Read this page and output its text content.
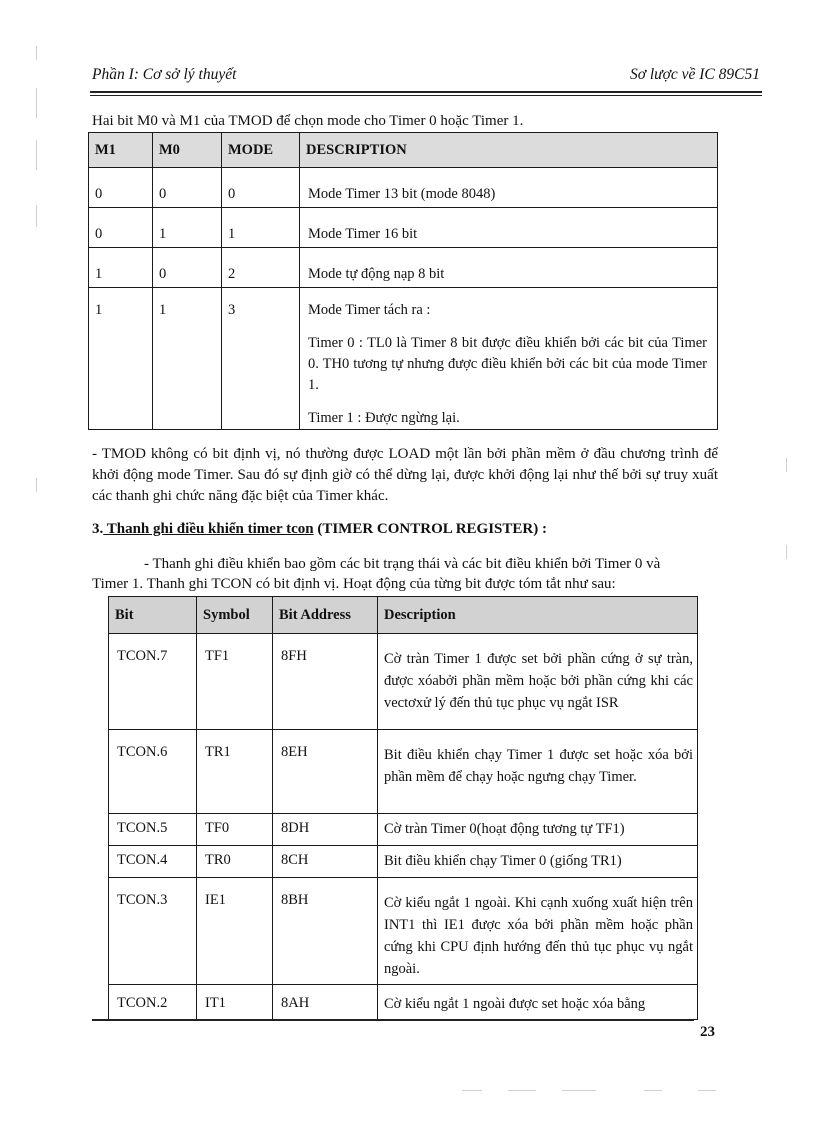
Phần I: Cơ sở lý thuyết	Sơ lược về IC 89C51
Hai bit M0 và M1 của TMOD để chọn mode cho Timer 0 hoặc Timer 1.
M1	M0	MODE	DESCRIPTION
0	0	0	Mode Timer 13 bit (mode 8048)
0	1	1	Mode Timer 16 bit
1	0	2	Mode tự động nạp 8 bit
1	1	3	Mode Timer tách ra :
Timer 0 : TL0 là Timer 8 bit được điều khiển bởi các bit của Timer 0. TH0 tương tự nhưng được điều khiển bởi các bit của mode Timer 1.
Timer 1 : Được ngừng lại.
- TMOD không có bit định vị, nó thường được LOAD một lần bởi phần mềm ở đầu chương trình để khởi động mode Timer. Sau đó sự định giờ có thể dừng lại, được khởi động lại như thế bởi sự truy xuất các thanh ghi chức năng đặc biệt của Timer khác.
3. Thanh ghi điều khiển timer tcon (TIMER CONTROL REGISTER) :
- Thanh ghi điều khiển bao gồm các bit trạng thái và các bit điều khiển bởi Timer 0 và
Timer 1. Thanh ghi TCON có bit định vị. Hoạt động của từng bit được tóm tắt như sau:
Bit	Symbol	Bit Address	Description
TCON.7	TF1	8FH	Cờ tràn Timer 1 được set bởi phần cứng ở sự tràn, được xóabởi phần mềm hoặc bởi phần cứng khi các vectơxử lý đến thủ tục phục vụ ngắt ISR
TCON.6	TR1	8EH	Bit điều khiển chạy Timer 1 được set hoặc xóa bởi phần mềm để chạy hoặc ngưng chạy Timer.
TCON.5	TF0	8DH	Cờ tràn Timer 0(hoạt động tương tự TF1)
TCON.4	TR0	8CH	Bit điều khiển chạy Timer 0 (giống TR1)
TCON.3	IE1	8BH	Cờ kiểu ngắt 1 ngoài. Khi cạnh xuống xuất hiện trên INT1 thì IE1 được xóa bởi phần mềm hoặc phần cứng khi CPU định hướng đến thủ tục phục vụ ngắt ngoài.

TCON.2	IT1	8AH	Cờ kiểu ngắt 1 ngoài được set hoặc xóa bằng
23
